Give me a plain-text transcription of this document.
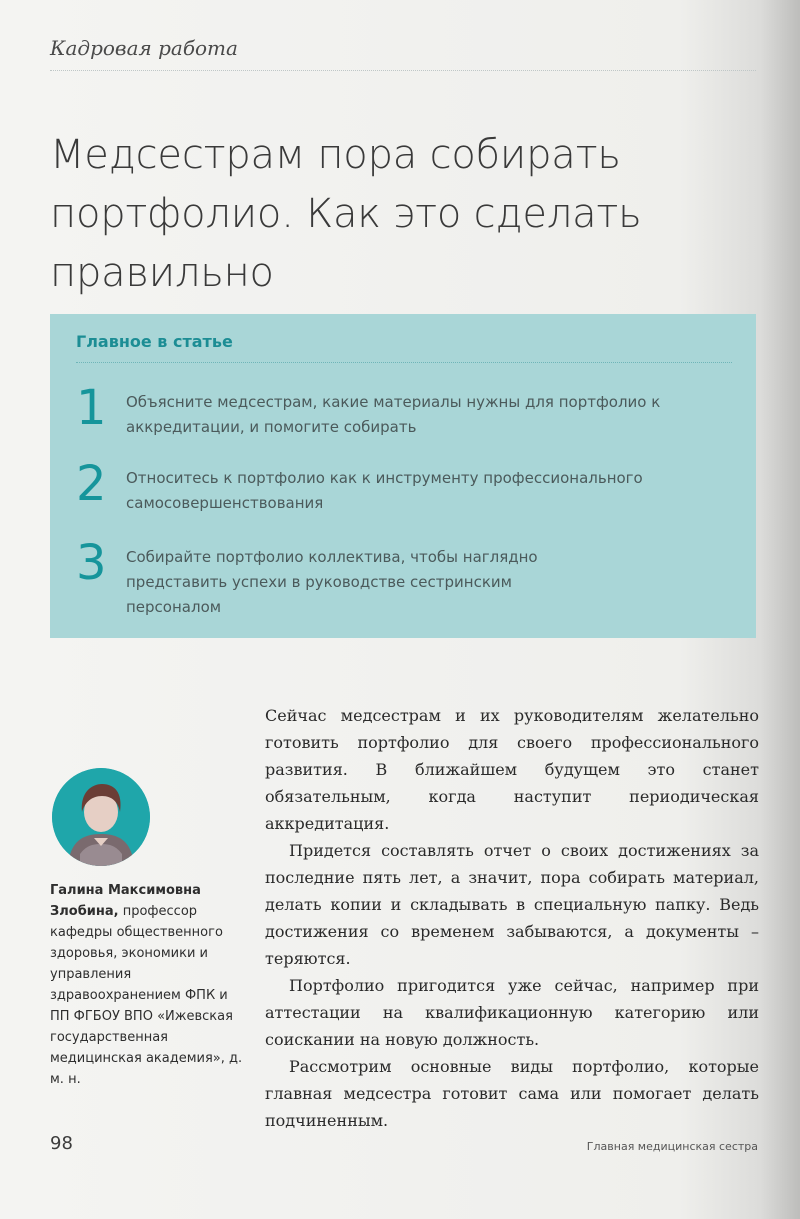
Кадровая работа
Медсестрам пора собирать портфолио. Как это сделать правильно
Главное в статье
1 Объясните медсестрам, какие материалы нужны для портфолио к аккредитации, и помогите собирать
2 Относитесь к портфолио как к инструменту профессионального самосовершенствования
3 Собирайте портфолио коллектива, чтобы наглядно представить успехи в руководстве сестринским персоналом
Галина Максимовна Злобина, профессор кафедры общественного здоровья, экономики и управления здравоохранением ФПК и ПП ФГБОУ ВПО «Ижевская государственная медицинская академия», д. м. н.

Сейчас медсестрам и их руководителям желательно готовить портфолио для своего профессионального развития. В ближайшем будущем это станет обязательным, когда наступит периодическая аккредитация.

Придется составлять отчет о своих достижениях за последние пять лет, а значит, пора собирать материал, делать копии и складывать в специальную папку. Ведь достижения со временем забываются, а документы – теряются.

Портфолио пригодится уже сейчас, например при аттестации на квалификационную категорию или соискании на новую должность.

Рассмотрим основные виды портфолио, которые главная медсестра готовит сама или помогает делать подчиненным.

98	Главная медицинская сестра
